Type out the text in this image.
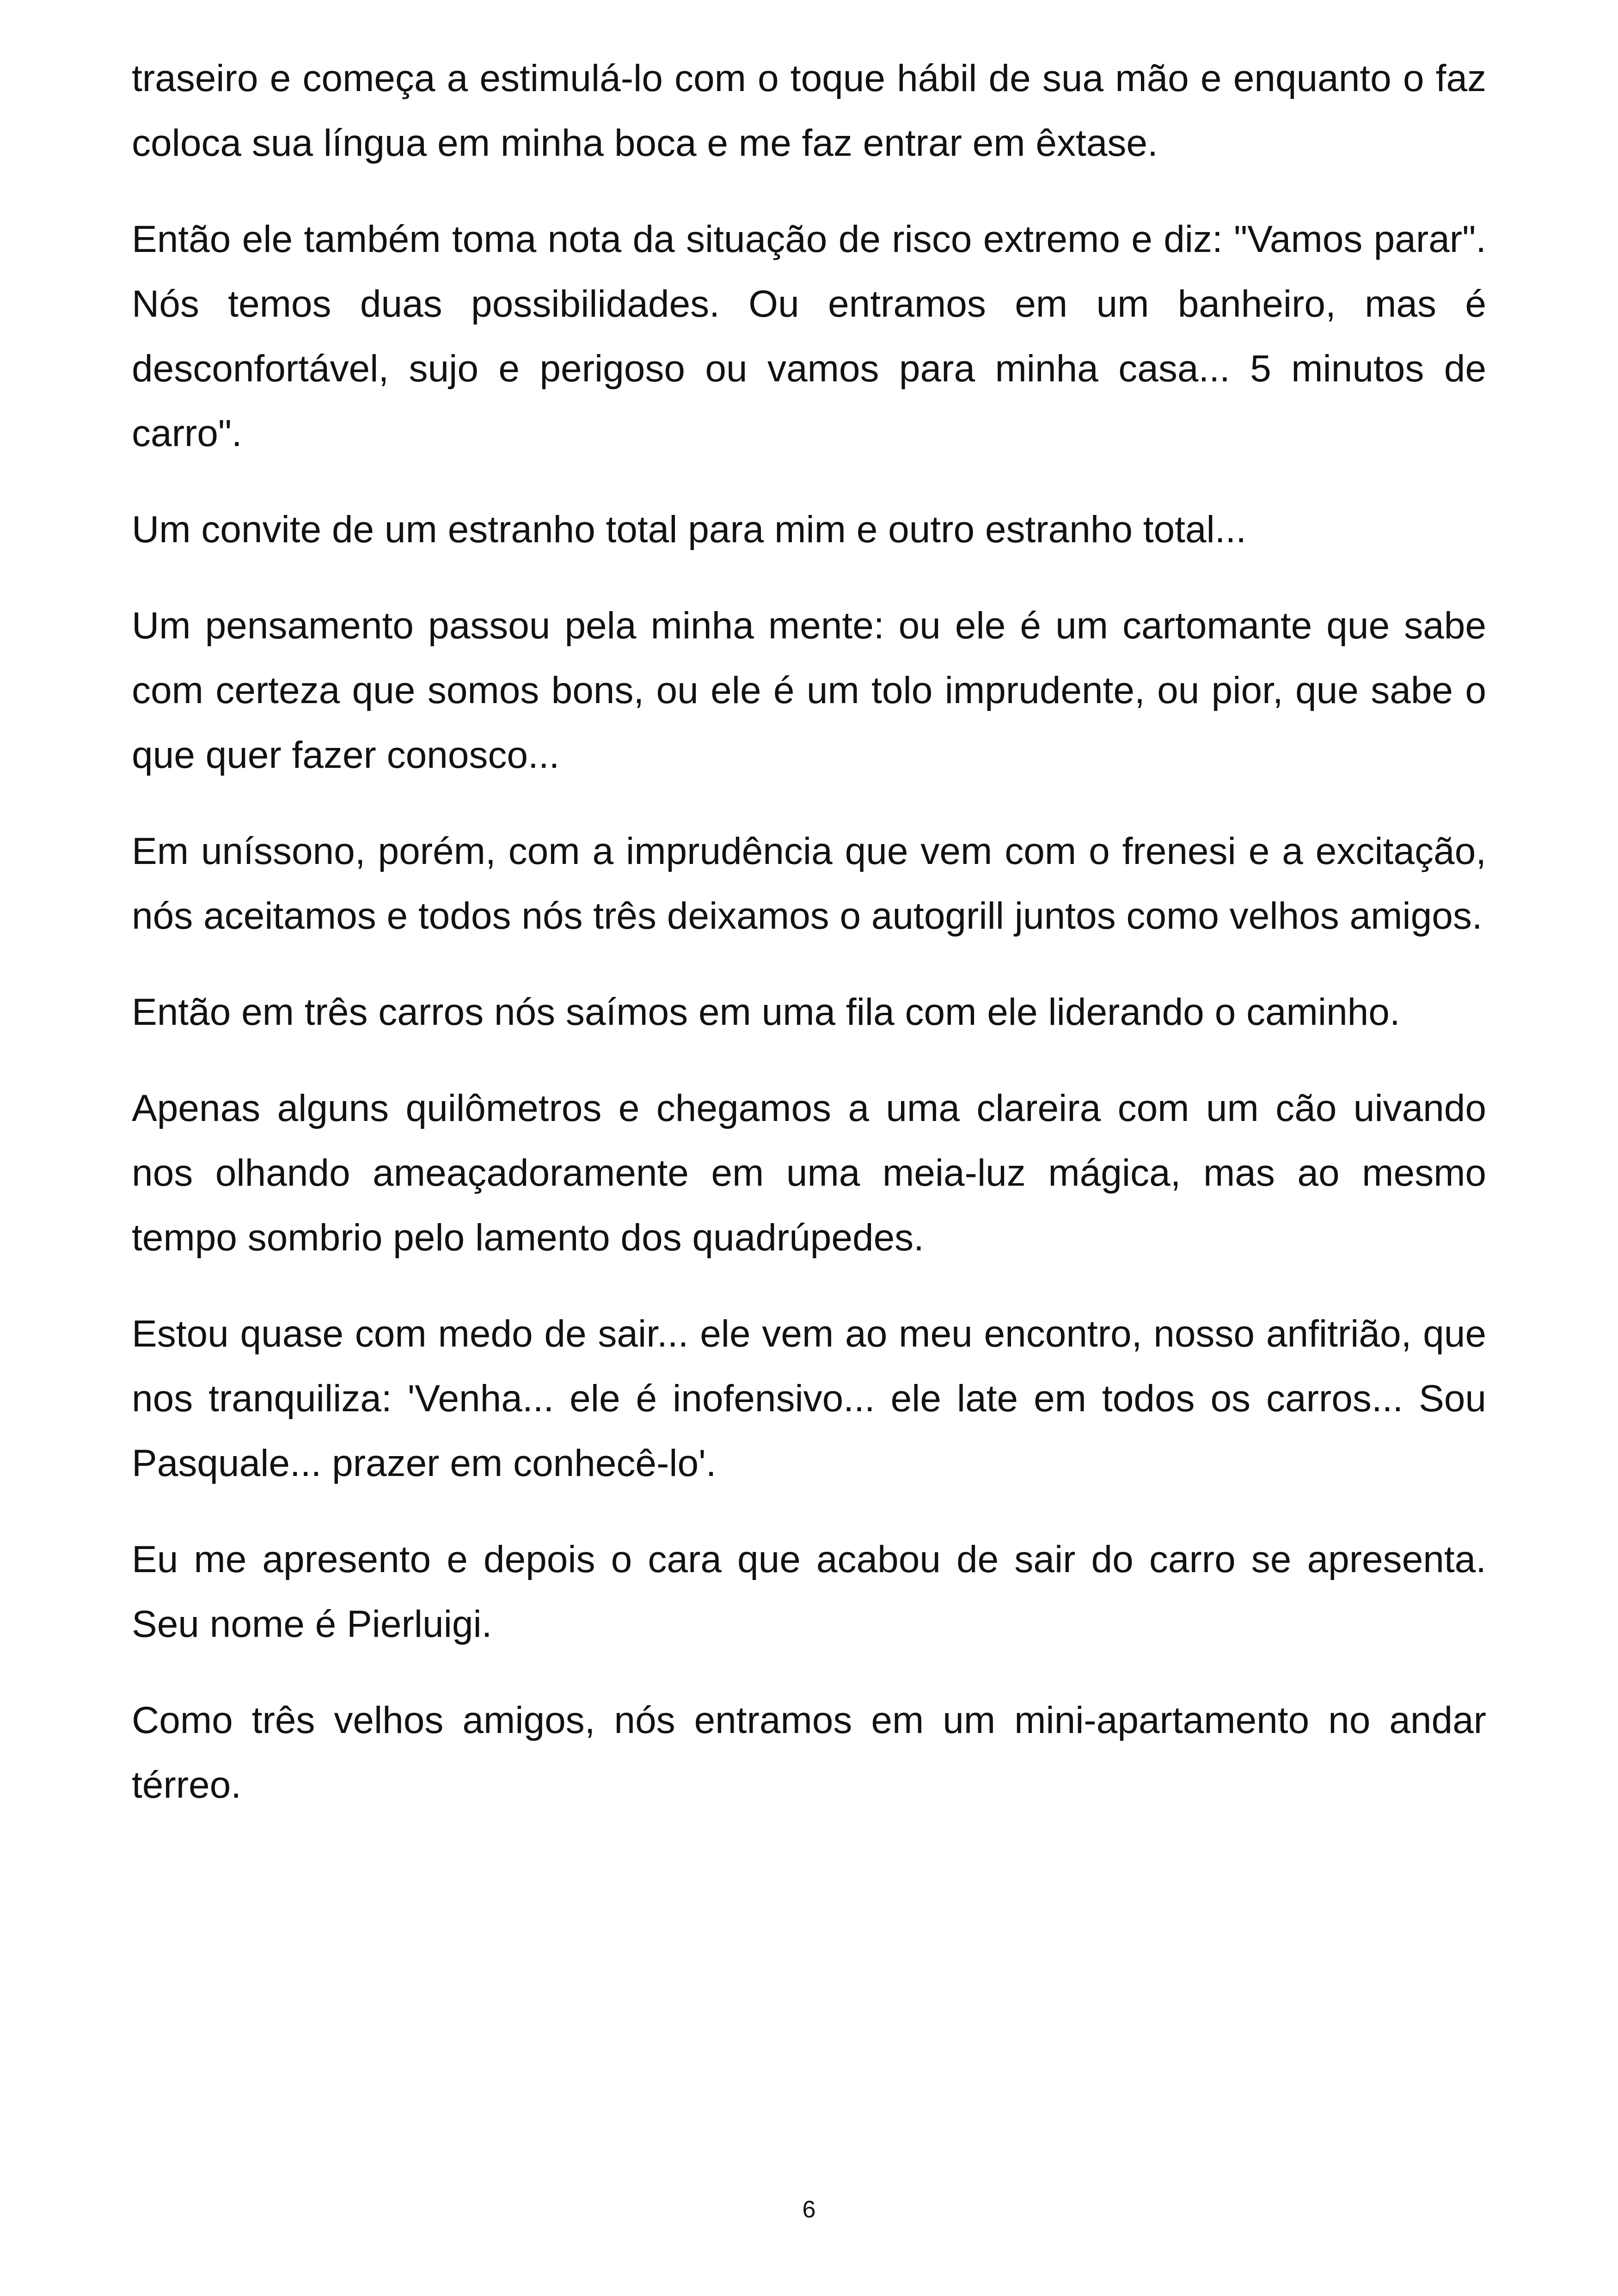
traseiro e começa a estimulá-lo com o toque hábil de sua mão e enquanto o faz coloca sua língua em minha boca e me faz entrar em êxtase.

Então ele também toma nota da situação de risco extremo e diz: "Vamos parar". Nós temos duas possibilidades. Ou entramos em um banheiro, mas é desconfortável, sujo e perigoso ou vamos para minha casa... 5 minutos de carro".

Um convite de um estranho total para mim e outro estranho total...

Um pensamento passou pela minha mente: ou ele é um cartomante que sabe com certeza que somos bons, ou ele é um tolo imprudente, ou pior, que sabe o que quer fazer conosco...

Em uníssono, porém, com a imprudência que vem com o frenesi e a excitação, nós aceitamos e todos nós três deixamos o autogrill juntos como velhos amigos.

Então em três carros nós saímos em uma fila com ele liderando o caminho.

Apenas alguns quilômetros e chegamos a uma clareira com um cão uivando nos olhando ameaçadoramente em uma meia-luz mágica, mas ao mesmo tempo sombrio pelo lamento dos quadrúpedes.

Estou quase com medo de sair... ele vem ao meu encontro, nosso anfitrião, que nos tranquiliza: 'Venha... ele é inofensivo... ele late em todos os carros... Sou Pasquale... prazer em conhecê-lo'.

Eu me apresento e depois o cara que acabou de sair do carro se apresenta. Seu nome é Pierluigi.

Como três velhos amigos, nós entramos em um mini-apartamento no andar térreo.

6
